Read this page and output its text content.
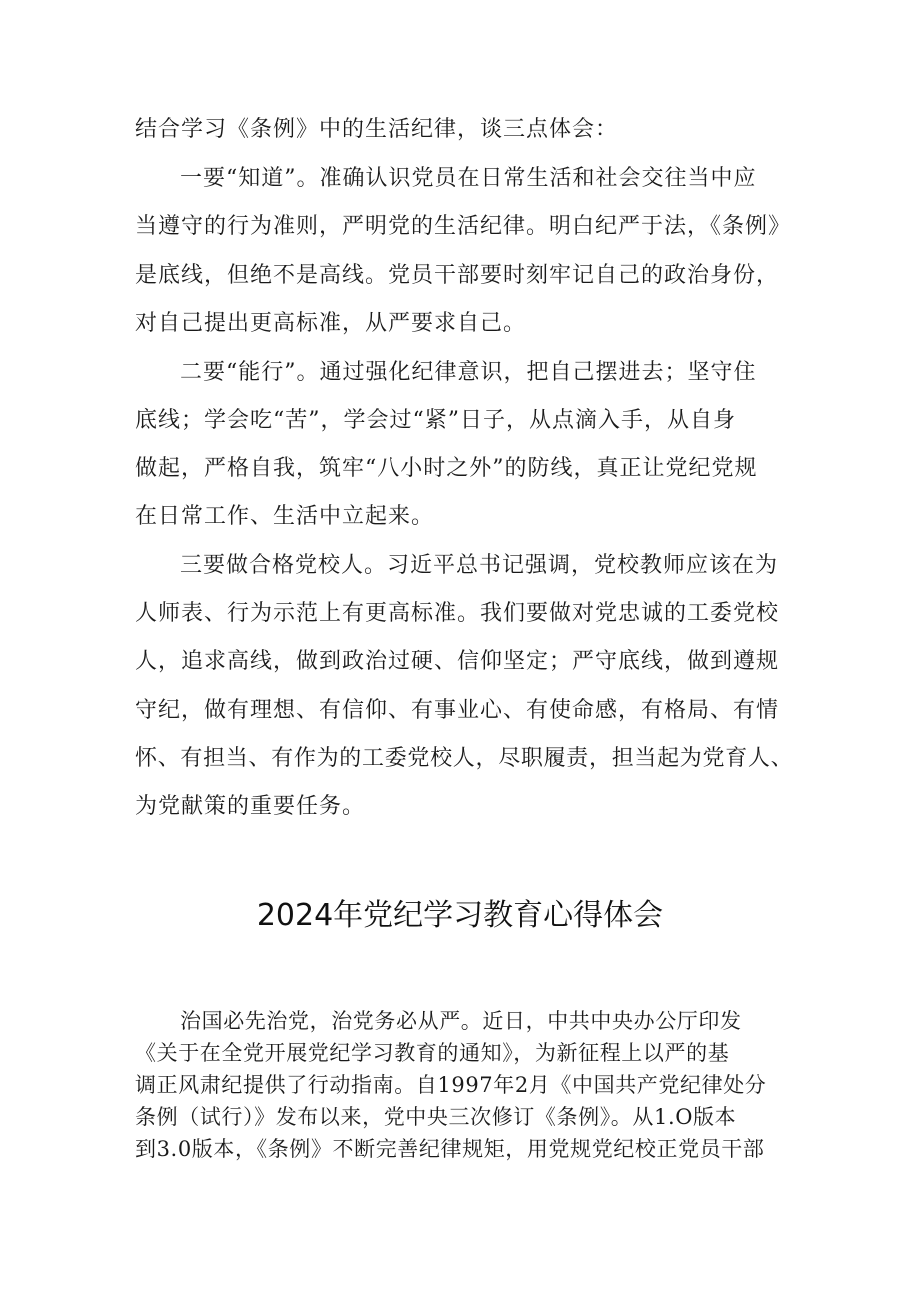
结合学习《条例》中的生活纪律，谈三点体会：
一要“知道”。准确认识党员在日常生活和社会交往当中应
当遵守的行为准则，严明党的生活纪律。明白纪严于法，《条例》
是底线，但绝不是高线。党员干部要时刻牢记自己的政治身份，
对自己提出更高标准，从严要求自己。
二要“能行”。通过强化纪律意识，把自己摆进去；坚守住
底线；学会吃“苦”，学会过“紧”日子，从点滴入手，从自身
做起，严格自我，筑牢“八小时之外”的防线，真正让党纪党规
在日常工作、生活中立起来。
三要做合格党校人。习近平总书记强调，党校教师应该在为
人师表、行为示范上有更高标准。我们要做对党忠诚的工委党校
人，追求高线，做到政治过硬、信仰坚定；严守底线，做到遵规
守纪，做有理想、有信仰、有事业心、有使命感，有格局、有情
怀、有担当、有作为的工委党校人，尽职履责，担当起为党育人、
为党献策的重要任务。
2024年党纪学习教育心得体会
治国必先治党，治党务必从严。近日，中共中央办公厅印发
《关于在全党开展党纪学习教育的通知》，为新征程上以严的基
调正风肃纪提供了行动指南。自1997年2月《中国共产党纪律处分
条例（试行）》发布以来，党中央三次修订《条例》。从1.O版本
到3.0版本，《条例》不断完善纪律规矩，用党规党纪校正党员干部
